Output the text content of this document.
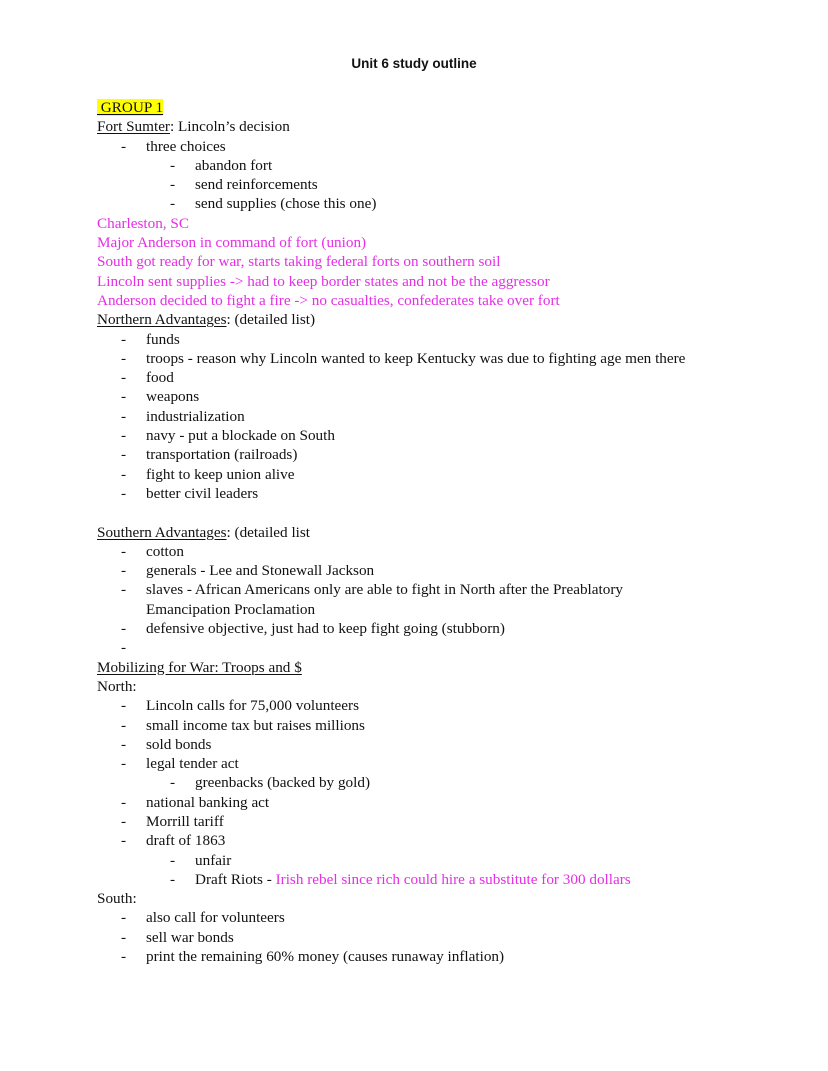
Unit 6 study outline
GROUP 1
Fort Sumter: Lincoln’s decision
-	three choices
-	abandon fort
-	send reinforcements
-	send supplies (chose this one)
Charleston, SC
Major Anderson in command of fort (union)
South got ready for war, starts taking federal forts on southern soil
Lincoln sent supplies -> had to keep border states and not be the aggressor
Anderson decided to fight a fire -> no casualties, confederates take over fort
Northern Advantages: (detailed list)
-	funds
-	troops - reason why Lincoln wanted to keep Kentucky was due to fighting age men there
-	food
-	weapons
-	industrialization
-	navy - put a blockade on South
-	transportation (railroads)
-	fight to keep union alive
-	better civil leaders
Southern Advantages: (detailed list
-	cotton
-	generals - Lee and Stonewall Jackson
-	slaves - African Americans only are able to fight in North after the Preablatory Emancipation Proclamation
-	defensive objective, just had to keep fight going (stubborn)
-
Mobilizing for War: Troops and $
North:
-	Lincoln calls for 75,000 volunteers
-	small income tax but raises millions
-	sold bonds
-	legal tender act
-	greenbacks (backed by gold)
-	national banking act
-	Morrill tariff
-	draft of 1863
-	unfair
-	Draft Riots - Irish rebel since rich could hire a substitute for 300 dollars
South:
-	also call for volunteers
-	sell war bonds
-	print the remaining 60% money (causes runaway inflation)
